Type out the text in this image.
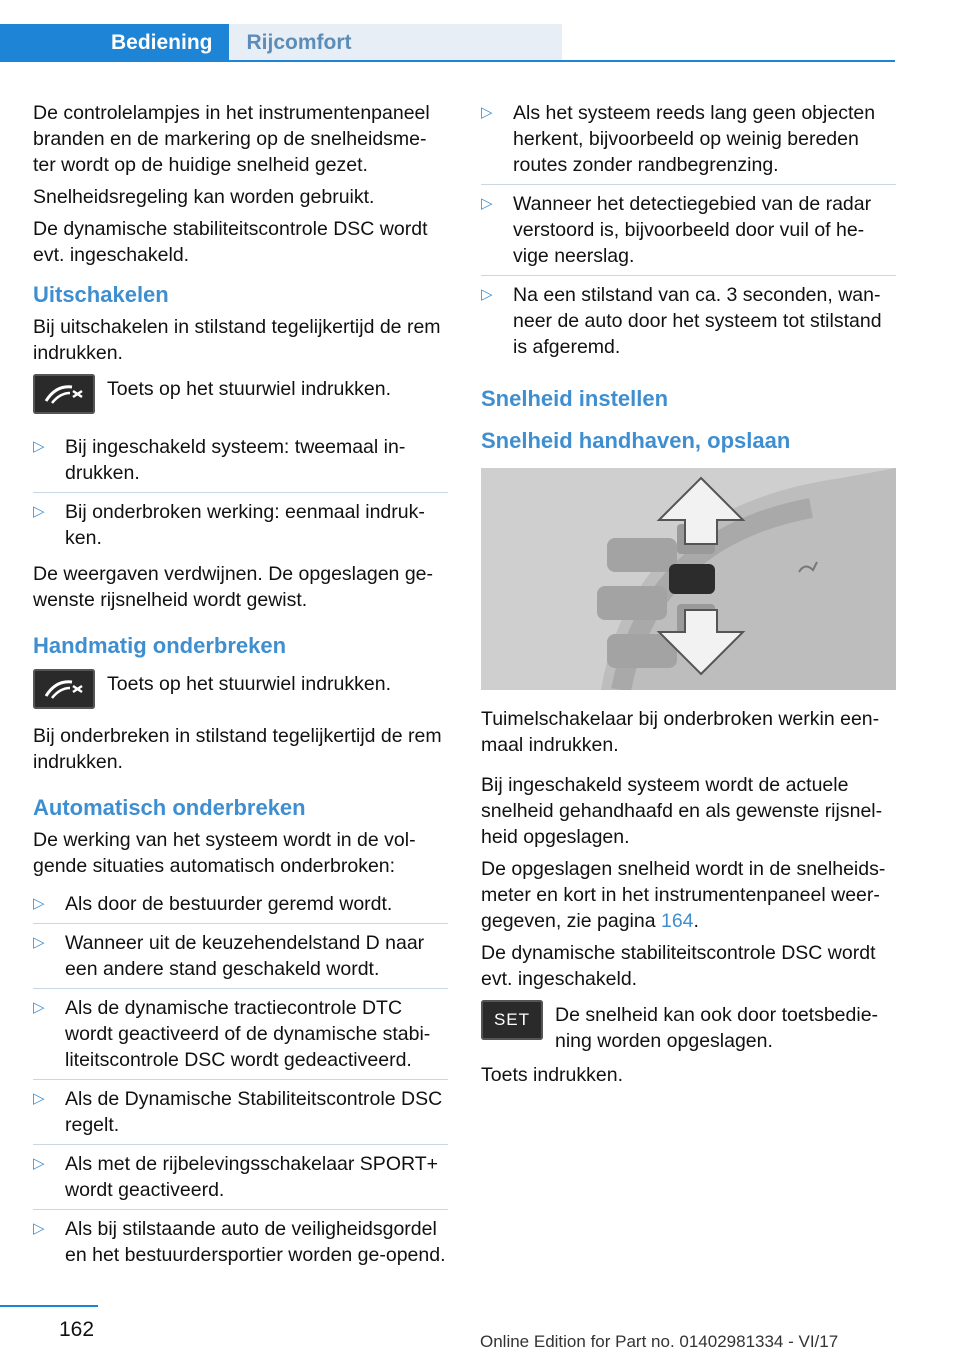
Bediening	Rijcomfort

De controlelampjes in het instrumentenpaneel branden en de markering op de snelheidsme-ter wordt op de huidige snelheid gezet.

Snelheidsregeling kan worden gebruikt.

De dynamische stabiliteitscontrole DSC wordt evt. ingeschakeld.

Uitschakelen

Bij uitschakelen in stilstand tegelijkertijd de rem indrukken.

Toets op het stuurwiel indrukken.
▷ Bij ingeschakeld systeem: tweemaal in-drukken.
▷ Bij onderbroken werking: eenmaal indruk-ken.

De weergaven verdwijnen. De opgeslagen ge-wenste rijsnelheid wordt gewist.

Handmatig onderbreken
Toets op het stuurwiel indrukken.

Bij onderbreken in stilstand tegelijkertijd de rem indrukken.

Automatisch onderbreken

De werking van het systeem wordt in de vol-gende situaties automatisch onderbroken:

▷ Als door de bestuurder geremd wordt.
▷ Wanneer uit de keuzehendelstand D naar een andere stand geschakeld wordt.
▷ Als de dynamische tractiecontrole DTC wordt geactiveerd of de dynamische stabi-liteitscontrole DSC wordt gedeactiveerd.
▷ Als de Dynamische Stabiliteitscontrole DSC regelt.
▷ Als met de rijbelevingsschakelaar SPORT+ wordt geactiveerd.
▷ Als bij stilstaande auto de veiligheidsgordel en het bestuurdersportier worden ge-opend.
▷ Als het systeem reeds lang geen objecten herkent, bijvoorbeeld op weinig bereden routes zonder randbegrenzing.
▷ Wanneer het detectiegebied van de radar verstoord is, bijvoorbeeld door vuil of he-vige neerslag.
▷ Na een stilstand van ca. 3 seconden, wan-neer de auto door het systeem tot stilstand is afgeremd.
Snelheid instellen
Snelheid handhaven, opslaan

Tuimelschakelaar bij onderbroken werkin een-maal indrukken.

Bij ingeschakeld systeem wordt de actuele snelheid gehandhaafd en als gewenste rijsnel-heid opgeslagen.

De opgeslagen snelheid wordt in de snelheids-meter en kort in het instrumentenpaneel weer-gegeven, zie pagina 164.

De dynamische stabiliteitscontrole DSC wordt evt. ingeschakeld.

SET De snelheid kan ook door toetsbedie-ning worden opgeslagen.

Toets indrukken.

162
Online Edition for Part no. 01402981334 - VI/17
